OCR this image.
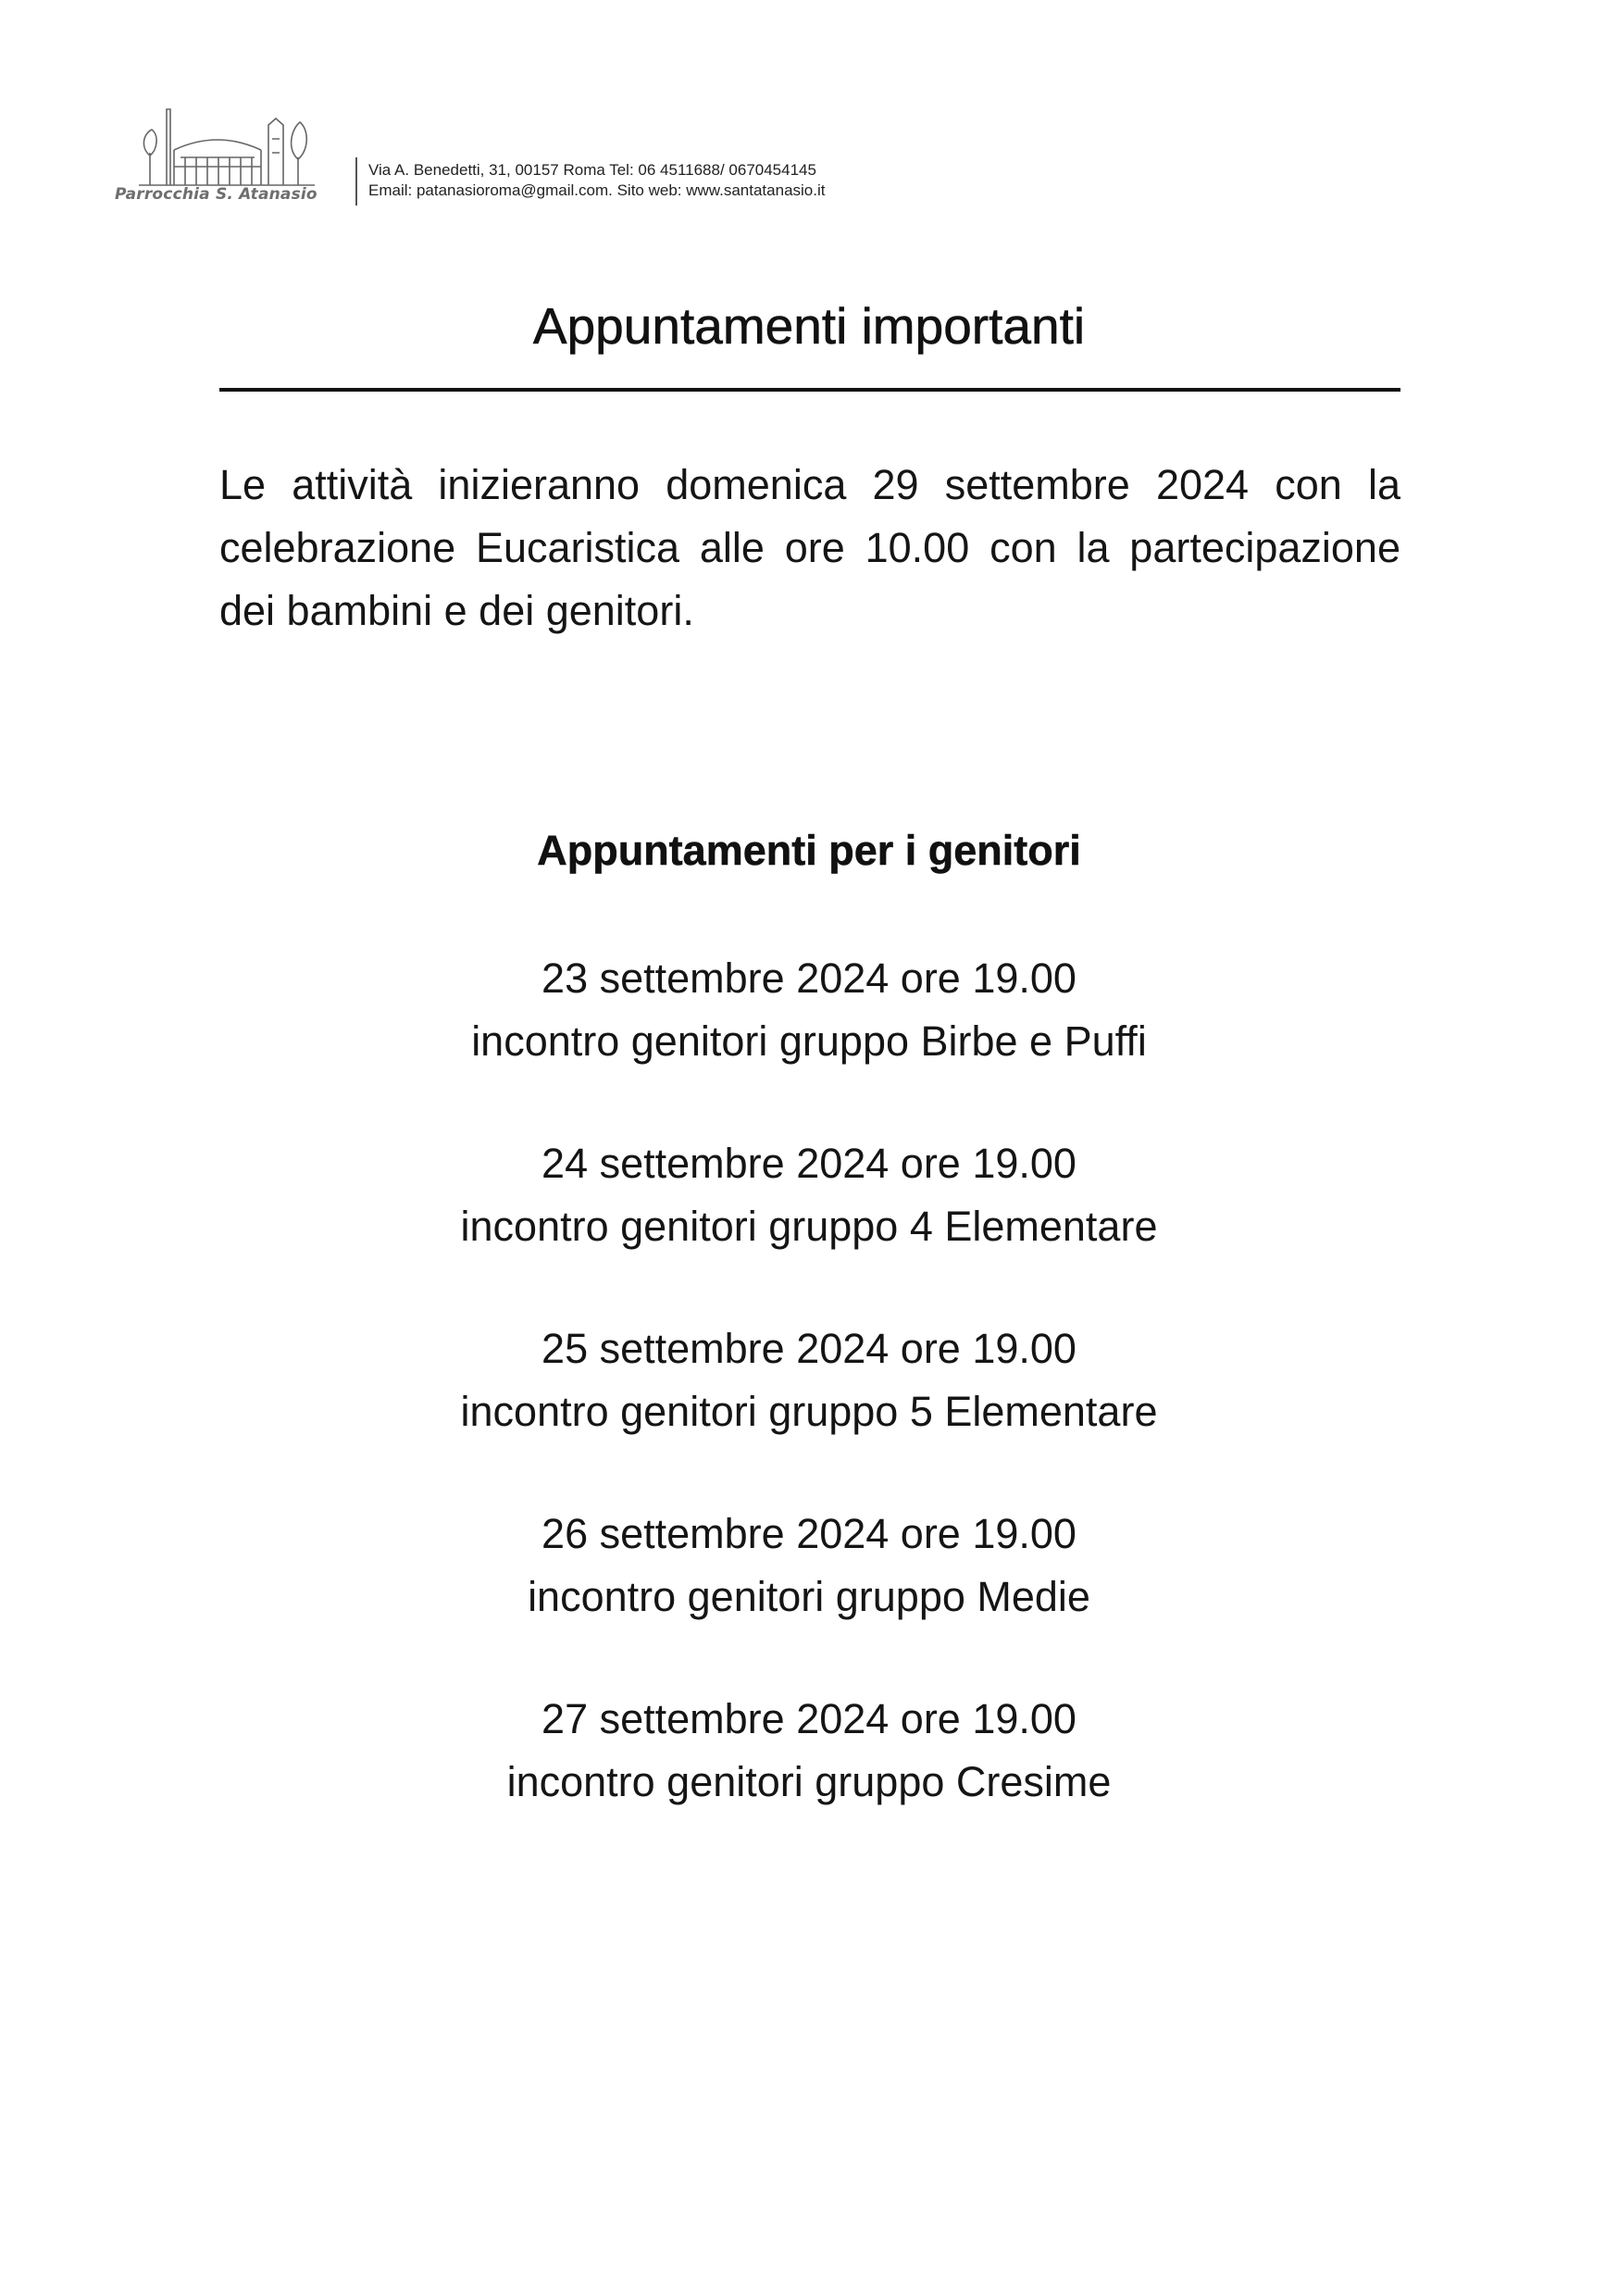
Parrocchia S. Atanasio
Via A. Benedetti, 31, 00157 Roma Tel: 06 4511688/ 0670454145
Email: patanasioroma@gmail.com. Sito web: www.santatanasio.it
Appuntamenti importanti

Le attività inizieranno domenica 29 settembre 2024 con la celebrazione Eucaristica alle ore 10.00 con la partecipazione dei bambini e dei genitori.

Appuntamenti per i genitori
23 settembre 2024 ore 19.00
incontro genitori gruppo Birbe e Puffi
24 settembre 2024 ore 19.00
incontro genitori gruppo 4 Elementare
25 settembre 2024 ore 19.00
incontro genitori gruppo 5 Elementare
26 settembre 2024 ore 19.00
incontro genitori gruppo Medie
27 settembre 2024 ore 19.00
incontro genitori gruppo Cresime
